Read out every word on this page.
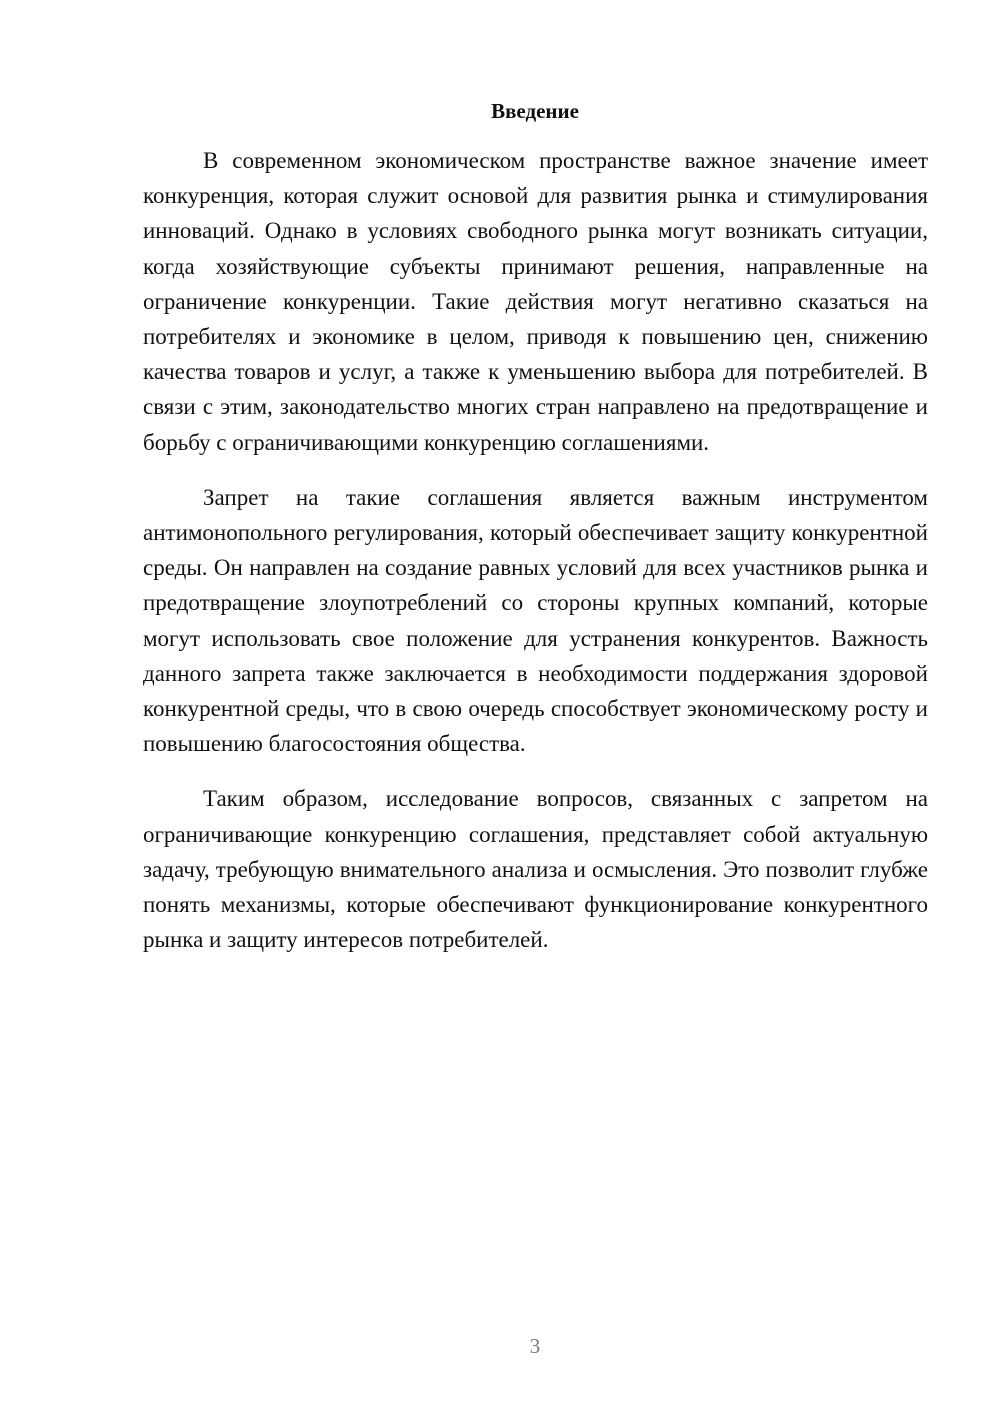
Введение

В современном экономическом пространстве важное значение имеет конкуренция, которая служит основой для развития рынка и стимулирования инноваций. Однако в условиях свободного рынка могут возникать ситуации, когда хозяйствующие субъекты принимают решения, направленные на ограничение конкуренции. Такие действия могут негативно сказаться на потребителях и экономике в целом, приводя к повышению цен, снижению качества товаров и услуг, а также к уменьшению выбора для потребителей. В связи с этим, законодательство многих стран направлено на предотвращение и борьбу с ограничивающими конкуренцию соглашениями.

Запрет на такие соглашения является важным инструментом антимонопольного регулирования, который обеспечивает защиту конкурентной среды. Он направлен на создание равных условий для всех участников рынка и предотвращение злоупотреблений со стороны крупных компаний, которые могут использовать свое положение для устранения конкурентов. Важность данного запрета также заключается в необходимости поддержания здоровой конкурентной среды, что в свою очередь способствует экономическому росту и повышению благосостояния общества.

Таким образом, исследование вопросов, связанных с запретом на ограничивающие конкуренцию соглашения, представляет собой актуальную задачу, требующую внимательного анализа и осмысления. Это позволит глубже понять механизмы, которые обеспечивают функционирование конкурентного рынка и защиту интересов потребителей.

3
